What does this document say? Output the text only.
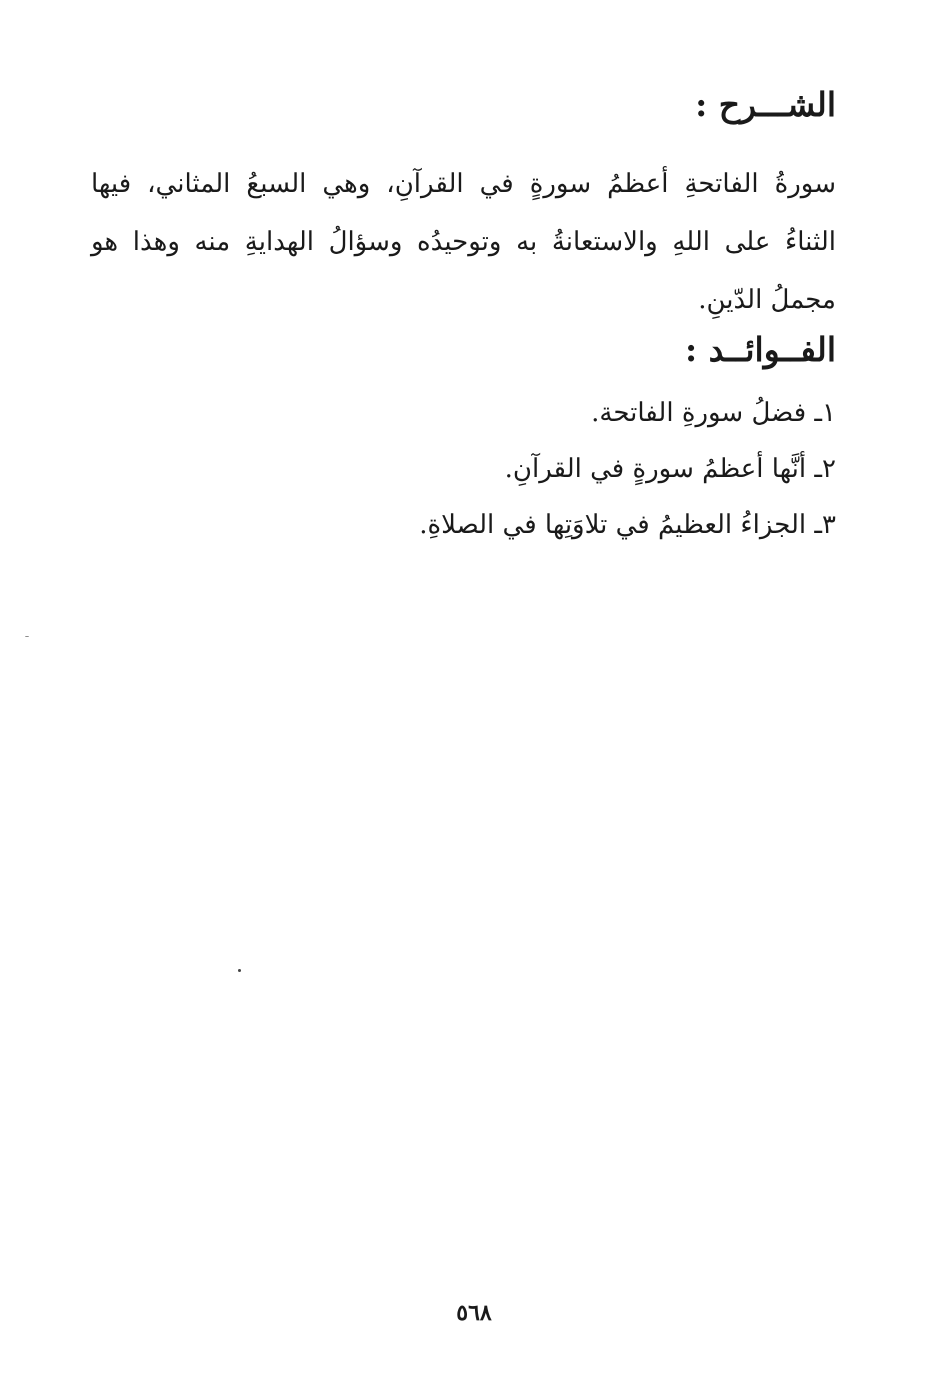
الشـــرح :
سورةُ الفاتحةِ أعظمُ سورةٍ في القرآنِ، وهي السبعُ المثاني، فيها
الثناءُ على اللهِ والاستعانةُ به وتوحيدُه وسؤالُ الهدايةِ منه وهذا هو
مجملُ الدّينِ.
الفــوائــد :
١ـ فضلُ سورةِ الفاتحة.
٢ـ أنَّها أعظمُ سورةٍ في القرآنِ.
٣ـ الجزاءُ العظيمُ في تلاوَتِها في الصلاةِ.
٥٦٨
